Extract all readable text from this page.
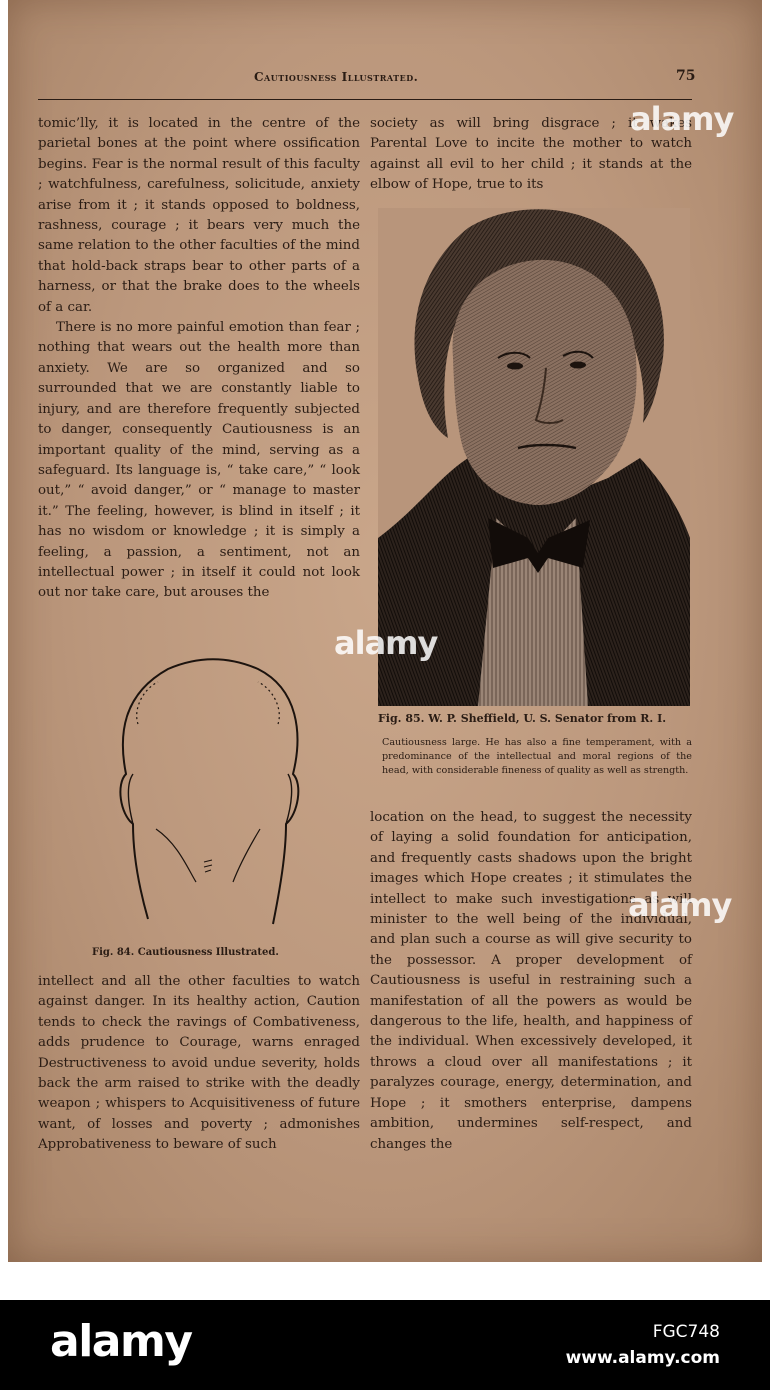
Cautiousness Illustrated.	75

tomic’lly, it is located in the centre of the parietal bones at the point where ossification begins. Fear is the normal result of this faculty ; watchfulness, carefulness, solicitude, anxiety arise from it ; it stands opposed to boldness, rashness, courage ; it bears very much the same relation to the other faculties of the mind that hold-back straps bear to other parts of a harness, or that the brake does to the wheels of a car.

There is no more painful emotion than fear ; nothing that wears out the health more than anxiety. We are so organized and so surrounded that we are constantly liable to injury, and are therefore frequently subjected to danger, consequently Cautiousness is an important quality of the mind, serving as a safeguard. Its language is, “ take care,” “ look out,” “ avoid danger,” or “ manage to master it.” The feeling, however, is blind in itself ; it has no wisdom or knowledge ; it is simply a feeling, a passion, a sentiment, not an intellectual power ; in itself it could not look out nor take care, but arouses the

society as will bring disgrace ; it wakes Parental Love to incite the mother to watch against all evil to her child ; it stands at the elbow of Hope, true to its

Fig. 85. W. P. Sheffield, U. S. Senator from R. I.
Cautiousness large. He has also a fine temperament, with a predominance of the intellectual and moral regions of the head, with considerable fineness of quality as well as strength.
Fig. 84. Cautiousness Illustrated.

intellect and all the other faculties to watch against danger. In its healthy action, Caution tends to check the ravings of Combativeness, adds prudence to Courage, warns enraged Destructiveness to avoid undue severity, holds back the arm raised to strike with the deadly weapon ; whispers to Acquisitiveness of future want, of losses and poverty ; admonishes Approbativeness to beware of such

location on the head, to suggest the necessity of laying a solid foundation for anticipation, and frequently casts shadows upon the bright images which Hope creates ; it stimulates the intellect to make such investigations as will minister to the well being of the individual, and plan such a course as will give security to the possessor. A proper development of Cautiousness is useful in restraining such a manifestation of all the powers as would be dangerous to the life, health, and happiness of the individual. When excessively developed, it throws a cloud over all manifestations ; it paralyzes courage, energy, determination, and Hope ; it smothers enterprise, dampens ambition, undermines self-respect, and changes the

alamy
alamy
alamy
alamy	FGC748
www.alamy.com
